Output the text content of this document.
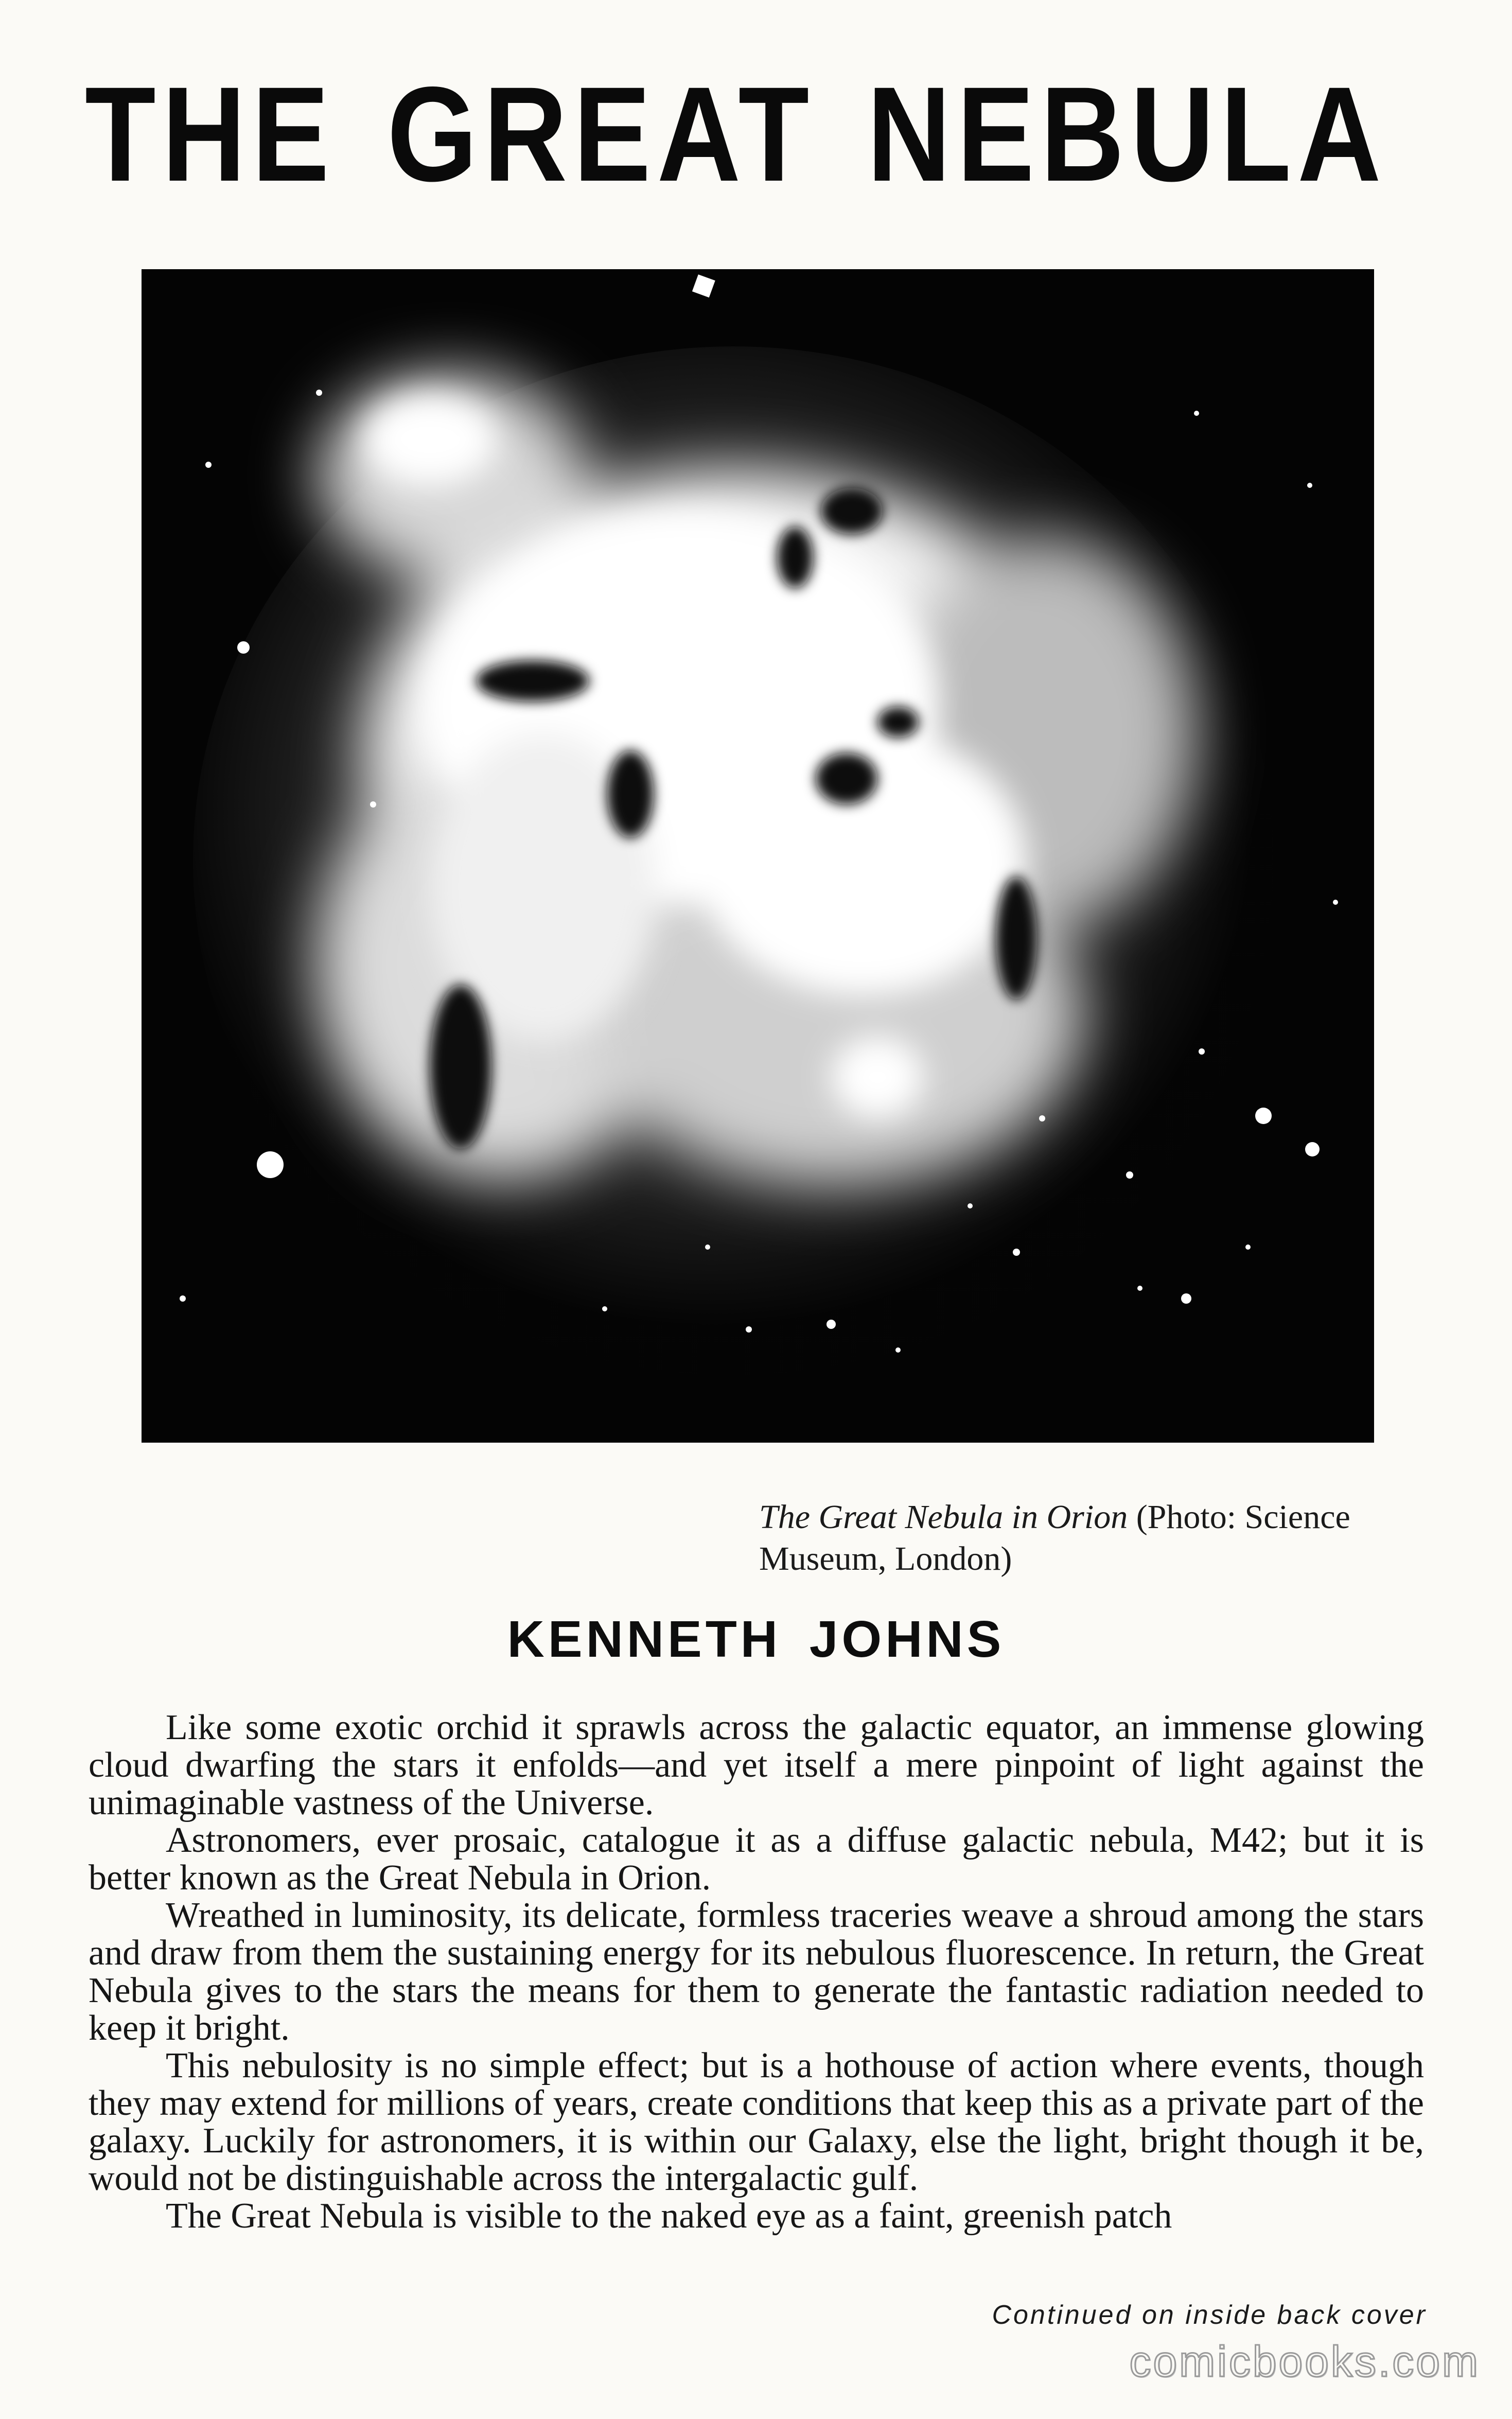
THE GREAT NEBULA
The Great Nebula in Orion (Photo: Science Museum, London)
KENNETH JOHNS

Like some exotic orchid it sprawls across the galactic equator, an immense glowing cloud dwarfing the stars it enfolds—and yet itself a mere pinpoint of light against the unimaginable vastness of the Universe.

Astronomers, ever prosaic, catalogue it as a diffuse galactic nebula, M42; but it is better known as the Great Nebula in Orion.

Wreathed in luminosity, its delicate, formless traceries weave a shroud among the stars and draw from them the sustaining energy for its nebulous fluorescence. In return, the Great Nebula gives to the stars the means for them to generate the fantastic radiation needed to keep it bright.

This nebulosity is no simple effect; but is a hothouse of action where events, though they may extend for millions of years, create conditions that keep this as a private part of the galaxy. Luckily for astronomers, it is within our Galaxy, else the light, bright though it be, would not be distinguishable across the intergalactic gulf.

The Great Nebula is visible to the naked eye as a faint, greenish patch

Continued on inside back cover
comicbooks.com
